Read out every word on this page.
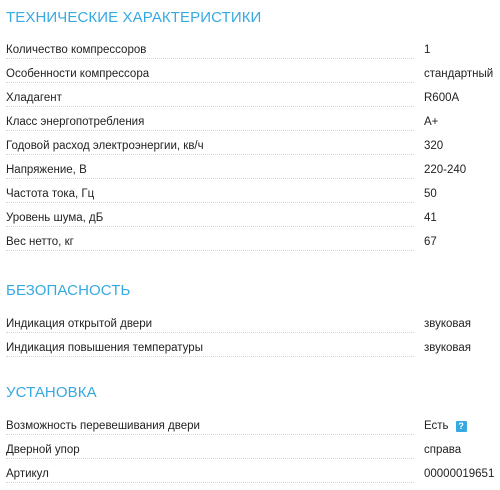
ТЕХНИЧЕСКИЕ ХАРАКТЕРИСТИКИ
Количество компрессоров	1
Особенности компрессора	стандартный
Хладагент	R600A
Класс энергопотребления	A+
Годовой расход электроэнергии, кв/ч	320
Напряжение, В	220-240
Частота тока, Гц	50
Уровень шума, дБ	41
Вес нетто, кг	67
БЕЗОПАСНОСТЬ
Индикация открытой двери	звуковая
Индикация повышения температуры	звуковая
УСТАНОВКА
Возможность перевешивания двери	Есть ?
Дверной упор	справа
Артикул	00000019651
